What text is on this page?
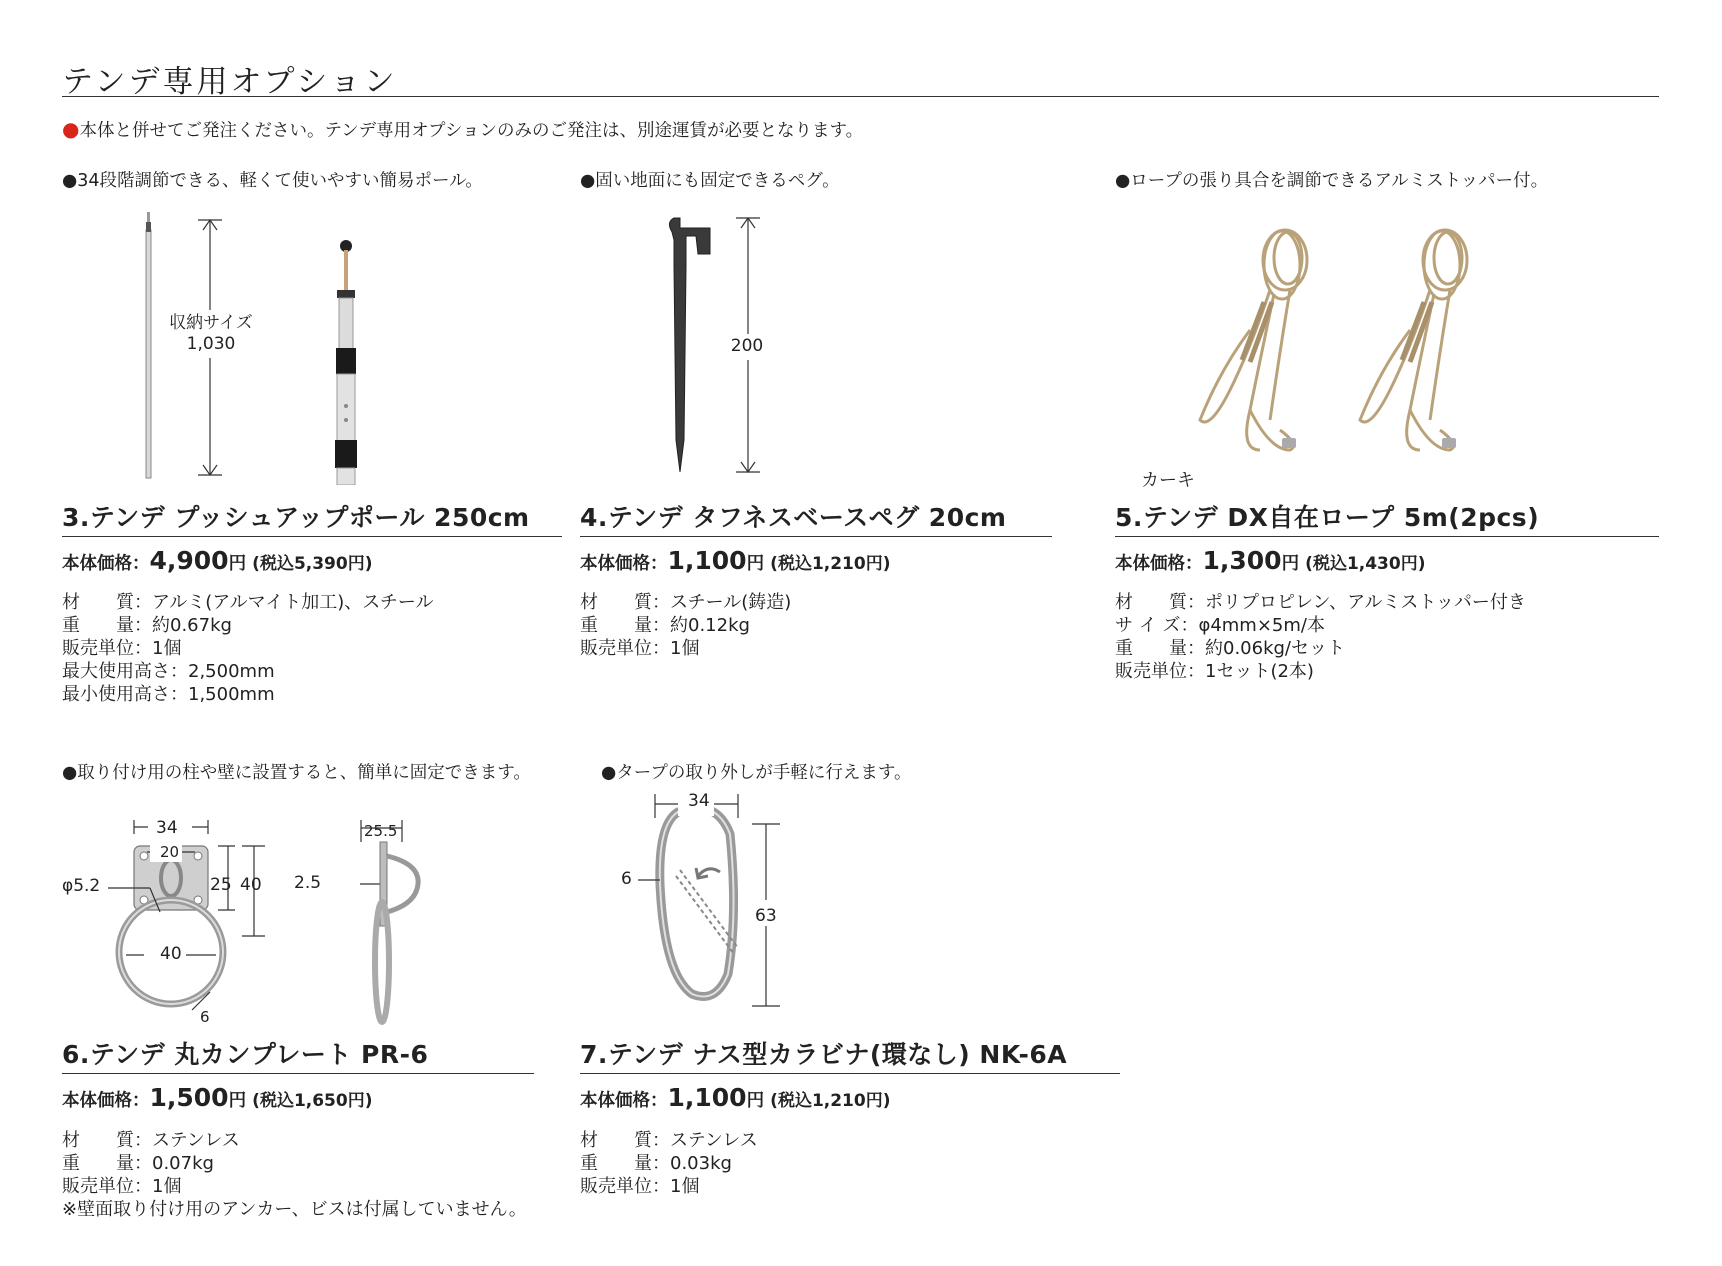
テンデ専用オプション
●本体と併せてご発注ください。テンデ専用オプションのみのご発注は、別途運賃が必要となります。
●34段階調節できる、軽くて使いやすい簡易ポール。
収納サイズ
1,030
3.テンデ プッシュアップポール 250cm
本体価格：4,900円 (税込5,390円)
材　　質：アルミ(アルマイト加工)、スチール
重　　量：約0.67kg
販売単位：1個
最大使用高さ：2,500mm
最小使用高さ：1,500mm
●固い地面にも固定できるペグ。
200
4.テンデ タフネスベースペグ 20cm
本体価格：1,100円 (税込1,210円)
材　　質：スチール(鋳造)
重　　量：約0.12kg
販売単位：1個
●ロープの張り具合を調節できるアルミストッパー付。
カーキ
5.テンデ DX自在ロープ 5m(2pcs)
本体価格：1,300円 (税込1,430円)
材　　質：ポリプロピレン、アルミストッパー付き
サ イ ズ：φ4mm×5m/本
重　　量：約0.06kg/セット
販売単位：1セット(2本)
●取り付け用の柱や壁に設置すると、簡単に固定できます。
34
20
25 40
φ5.2
40
6
25.5
2.5
6.テンデ 丸カンプレート PR-6
本体価格：1,500円 (税込1,650円)
材　　質：ステンレス
重　　量：0.07kg
販売単位：1個
※壁面取り付け用のアンカー、ビスは付属していません。
●タープの取り外しが手軽に行えます。
34
6
63
7.テンデ ナス型カラビナ(環なし) NK-6A
本体価格：1,100円 (税込1,210円)
材　　質：ステンレス
重　　量：0.03kg
販売単位：1個
